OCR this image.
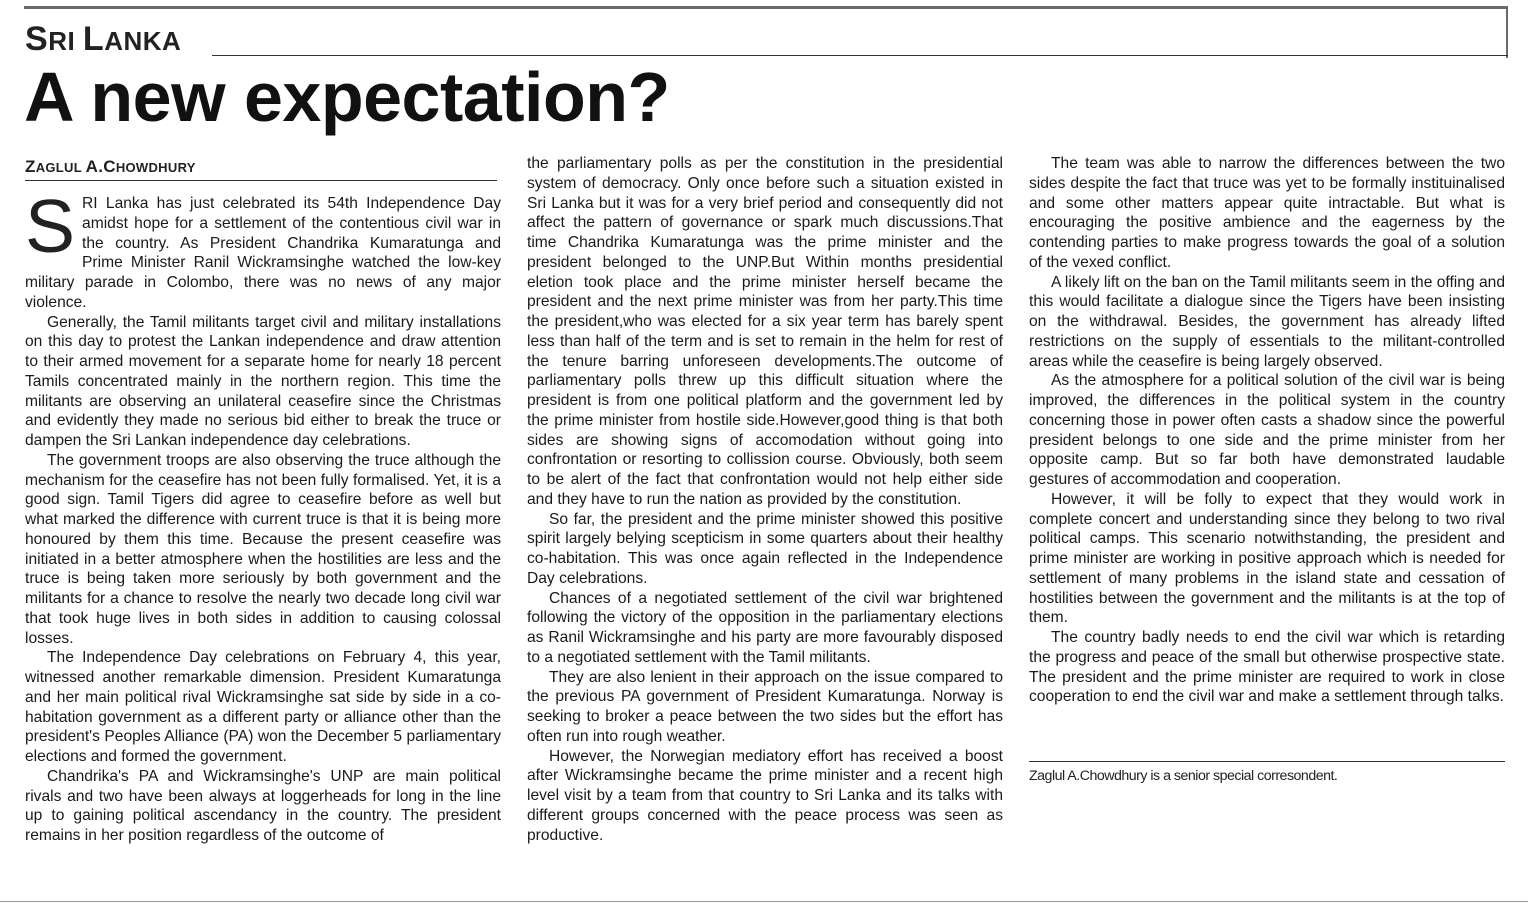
SRI LANKA
A new expectation?
ZAGLUL A.CHOWDHURY

SRI Lanka has just celebrated its 54th Independence Day amidst hope for a settlement of the contentious civil war in the country. As President Chandrika Kumaratunga and Prime Minister Ranil Wickramsinghe watched the low-key military parade in Colombo, there was no news of any major violence.

Generally, the Tamil militants target civil and military installations on this day to protest the Lankan independence and draw attention to their armed movement for a separate home for nearly 18 percent Tamils concentrated mainly in the northern region. This time the militants are observing an unilateral ceasefire since the Christmas and evidently they made no serious bid either to break the truce or dampen the Sri Lankan independence day celebrations.

The government troops are also observing the truce although the mechanism for the ceasefire has not been fully formalised. Yet, it is a good sign. Tamil Tigers did agree to ceasefire before as well but what marked the difference with current truce is that it is being more honoured by them this time. Because the present ceasefire was initiated in a better atmosphere when the hostilities are less and the truce is being taken more seriously by both government and the militants for a chance to resolve the nearly two decade long civil war that took huge lives in both sides in addition to causing colossal losses.

The Independence Day celebrations on February 4, this year, witnessed another remarkable dimension. President Kumaratunga and her main political rival Wickramsinghe sat side by side in a co-habitation government as a different party or alliance other than the president's Peoples Alliance (PA) won the December 5 parliamentary elections and formed the government.

Chandrika's PA and Wickramsinghe's UNP are main political rivals and two have been always at loggerheads for long in the line up to gaining political ascendancy in the country. The president remains in her position regardless of the outcome of

the parliamentary polls as per the constitution in the presidential system of democracy. Only once before such a situation existed in Sri Lanka but it was for a very brief period and consequently did not affect the pattern of governance or spark much discussions.That time Chandrika Kumaratunga was the prime minister and the president belonged to the UNP.But Within months presidential eletion took place and the prime minister herself became the president and the next prime minister was from her party.This time the president,who was elected for a six year term has barely spent less than half of the term and is set to remain in the helm for rest of the tenure barring unforeseen developments.The outcome of parliamentary polls threw up this difficult situation where the president is from one political platform and the government led by the prime minister from hostile side.However,good thing is that both sides are showing signs of accomodation without going into confrontation or resorting to collission course. Obviously, both seem to be alert of the fact that confrontation would not help either side and they have to run the nation as provided by the constitution.

So far, the president and the prime minister showed this positive spirit largely belying scepticism in some quarters about their healthy co-habitation. This was once again reflected in the Independence Day celebrations.

Chances of a negotiated settlement of the civil war brightened following the victory of the opposition in the parliamentary elections as Ranil Wickramsinghe and his party are more favourably disposed to a negotiated settlement with the Tamil militants.

They are also lenient in their approach on the issue compared to the previous PA government of President Kumaratunga. Norway is seeking to broker a peace between the two sides but the effort has often run into rough weather.

However, the Norwegian mediatory effort has received a boost after Wickramsinghe became the prime minister and a recent high level visit by a team from that country to Sri Lanka and its talks with different groups concerned with the peace process was seen as productive.

The team was able to narrow the differences between the two sides despite the fact that truce was yet to be formally instituinalised and some other matters appear quite intractable. But what is encouraging the positive ambience and the eagerness by the contending parties to make progress towards the goal of a solution of the vexed conflict.

A likely lift on the ban on the Tamil militants seem in the offing and this would facilitate a dialogue since the Tigers have been insisting on the withdrawal. Besides, the government has already lifted restrictions on the supply of essentials to the militant-controlled areas while the ceasefire is being largely observed.

As the atmosphere for a political solution of the civil war is being improved, the differences in the political system in the country concerning those in power often casts a shadow since the powerful president belongs to one side and the prime minister from her opposite camp. But so far both have demonstrated laudable gestures of accommodation and cooperation.

However, it will be folly to expect that they would work in complete concert and understanding since they belong to two rival political camps. This scenario notwithstanding, the president and prime minister are working in positive approach which is needed for settlement of many problems in the island state and cessation of hostilities between the government and the militants is at the top of them.

The country badly needs to end the civil war which is retarding the progress and peace of the small but otherwise prospective state. The president and the prime minister are required to work in close cooperation to end the civil war and make a settlement through talks.

Zaglul A.Chowdhury is a senior special corresondent.
